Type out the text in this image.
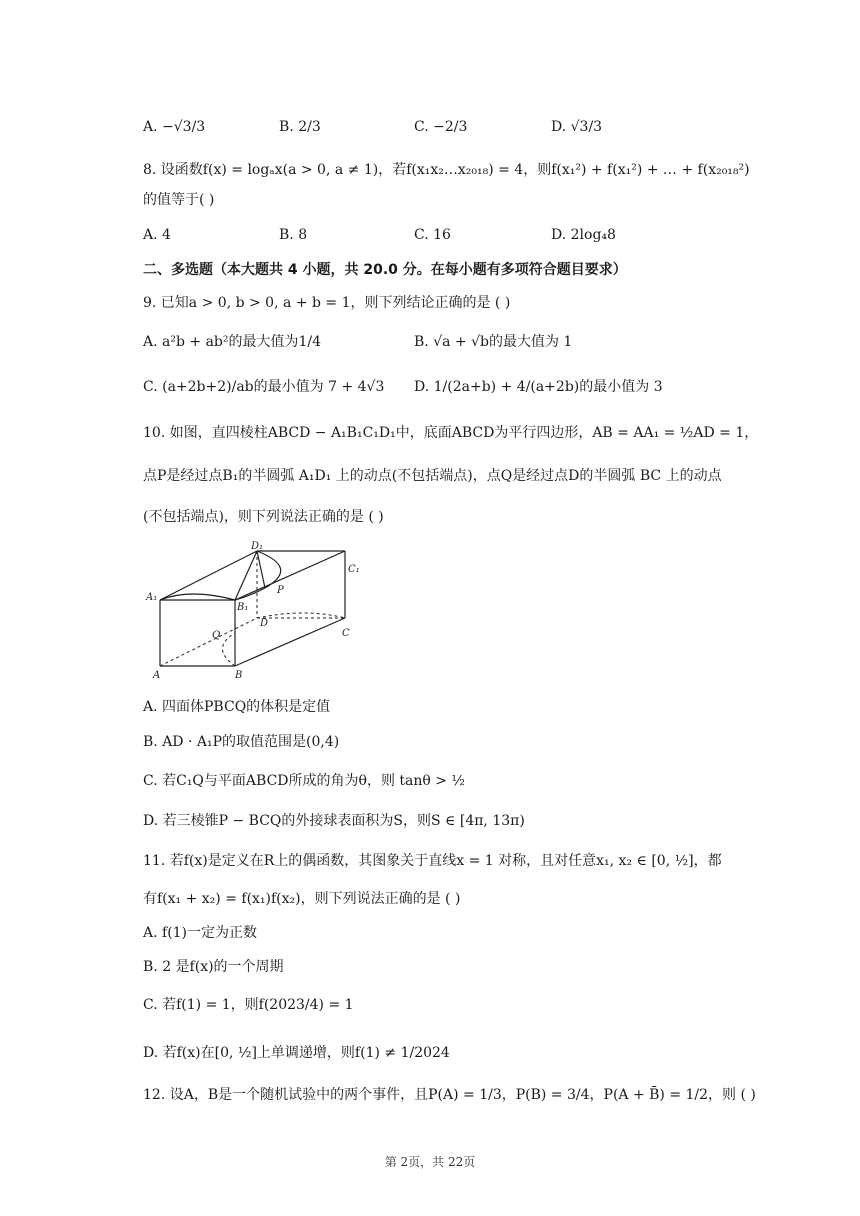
A. −√3/3	B. 2/3	C. −2/3	D. √3/3
8. 设函数f(x) = logₐx(a > 0, a ≠ 1)，若f(x₁x₂…x₂₀₁₈) = 4，则f(x₁²) + f(x₁²) + … + f(x₂₀₁₈²)
的值等于( )
A. 4	B. 8	C. 16	D. 2log₄8
二、多选题（本大题共 4 小题，共 20.0 分。在每小题有多项符合题目要求）
9. 已知a > 0, b > 0, a + b = 1，则下列结论正确的是 ( )
A. a²b + ab²的最大值为1/4	B. √a + √b的最大值为 1
C. (a+2b+2)/ab的最小值为 7 + 4√3 D. 1/(2a+b) + 4/(a+2b)的最小值为 3
10. 如图，直四棱柱ABCD − A₁B₁C₁D₁中，底面ABCD为平行四边形，AB = AA₁ = ½AD = 1，
点P是经过点B₁的半圆弧 A₁D₁ 上的动点(不包括端点)，点Q是经过点D的半圆弧 BC 上的动点
(不包括端点)，则下列说法正确的是 ( )
D₁
C₁
A₁
B₁
P
D
Q	C
A	B
A. 四面体PBCQ的体积是定值
B. AD · A₁P的取值范围是(0,4)
C. 若C₁Q与平面ABCD所成的角为θ，则 tanθ > ½
D. 若三棱锥P − BCQ的外接球表面积为S，则S ∈ [4π, 13π)
11. 若f(x)是定义在R上的偶函数，其图象关于直线x = 1 对称，且对任意x₁, x₂ ∈ [0, ½]，都
有f(x₁ + x₂) = f(x₁)f(x₂)，则下列说法正确的是 ( )
A. f(1)一定为正数
B. 2 是f(x)的一个周期
C. 若f(1) = 1，则f(2023/4) = 1
D. 若f(x)在[0, ½]上单调递增，则f(1) ≠ 1/2024
12. 设A，B是一个随机试验中的两个事件，且P(A) = 1/3，P(B) = 3/4，P(A + B̄) = 1/2，则 ( )
第 2页，共 22页
